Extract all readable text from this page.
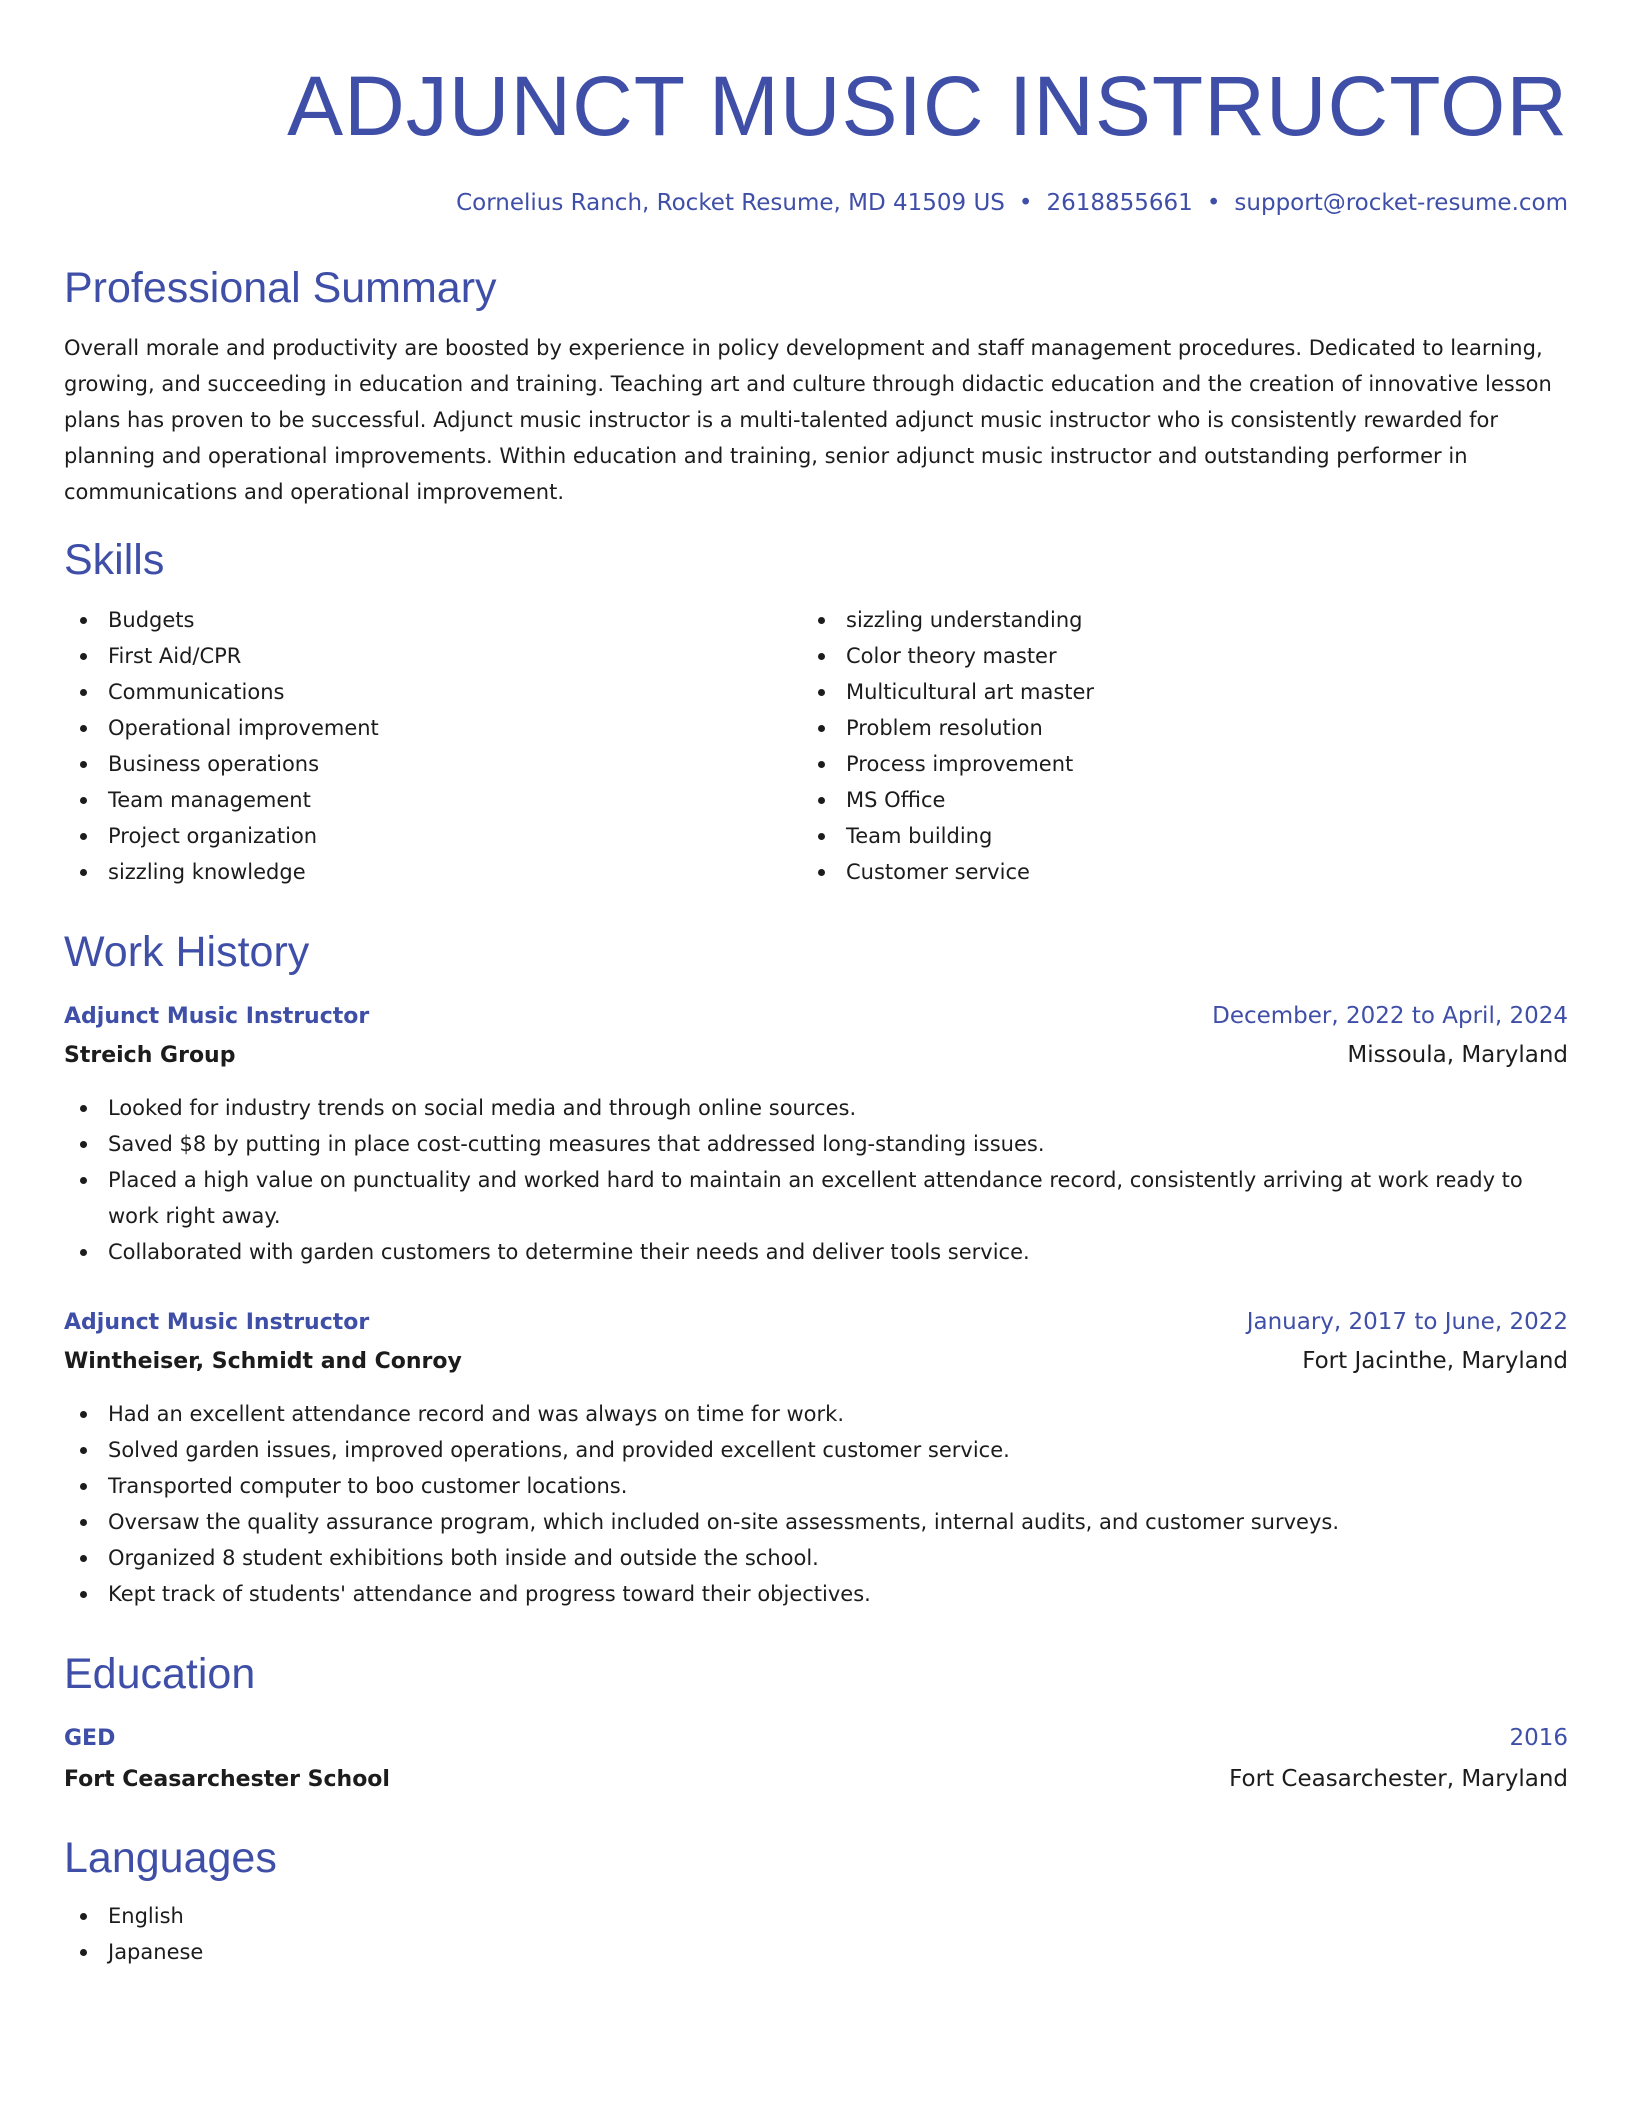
ADJUNCT MUSIC INSTRUCTOR
Cornelius Ranch, Rocket Resume, MD 41509 US • 2618855661 • support@rocket-resume.com
Professional Summary

Overall morale and productivity are boosted by experience in policy development and staff management procedures. Dedicated to learning, growing, and succeeding in education and training. Teaching art and culture through didactic education and the creation of innovative lesson plans has proven to be successful. Adjunct music instructor is a multi-talented adjunct music instructor who is consistently rewarded for planning and operational improvements. Within education and training, senior adjunct music instructor and outstanding performer in communications and operational improvement.

Skills
Budgets
First Aid/CPR
Communications
Operational improvement
Business operations
Team management
Project organization
sizzling knowledge
sizzling understanding
Color theory master
Multicultural art master
Problem resolution
Process improvement
MS Office
Team building
Customer service
Work History
Adjunct Music Instructor	December, 2022 to April, 2024
Streich Group	Missoula, Maryland
Looked for industry trends on social media and through online sources.
Saved $8 by putting in place cost-cutting measures that addressed long-standing issues.
Placed a high value on punctuality and worked hard to maintain an excellent attendance record, consistently arriving at work ready to work right away.
Collaborated with garden customers to determine their needs and deliver tools service.
Adjunct Music Instructor	January, 2017 to June, 2022
Wintheiser, Schmidt and Conroy	Fort Jacinthe, Maryland
Had an excellent attendance record and was always on time for work.
Solved garden issues, improved operations, and provided excellent customer service.
Transported computer to boo customer locations.
Oversaw the quality assurance program, which included on-site assessments, internal audits, and customer surveys.
Organized 8 student exhibitions both inside and outside the school.
Kept track of students' attendance and progress toward their objectives.
Education
GED	2016
Fort Ceasarchester School	Fort Ceasarchester, Maryland
Languages
English
Japanese
